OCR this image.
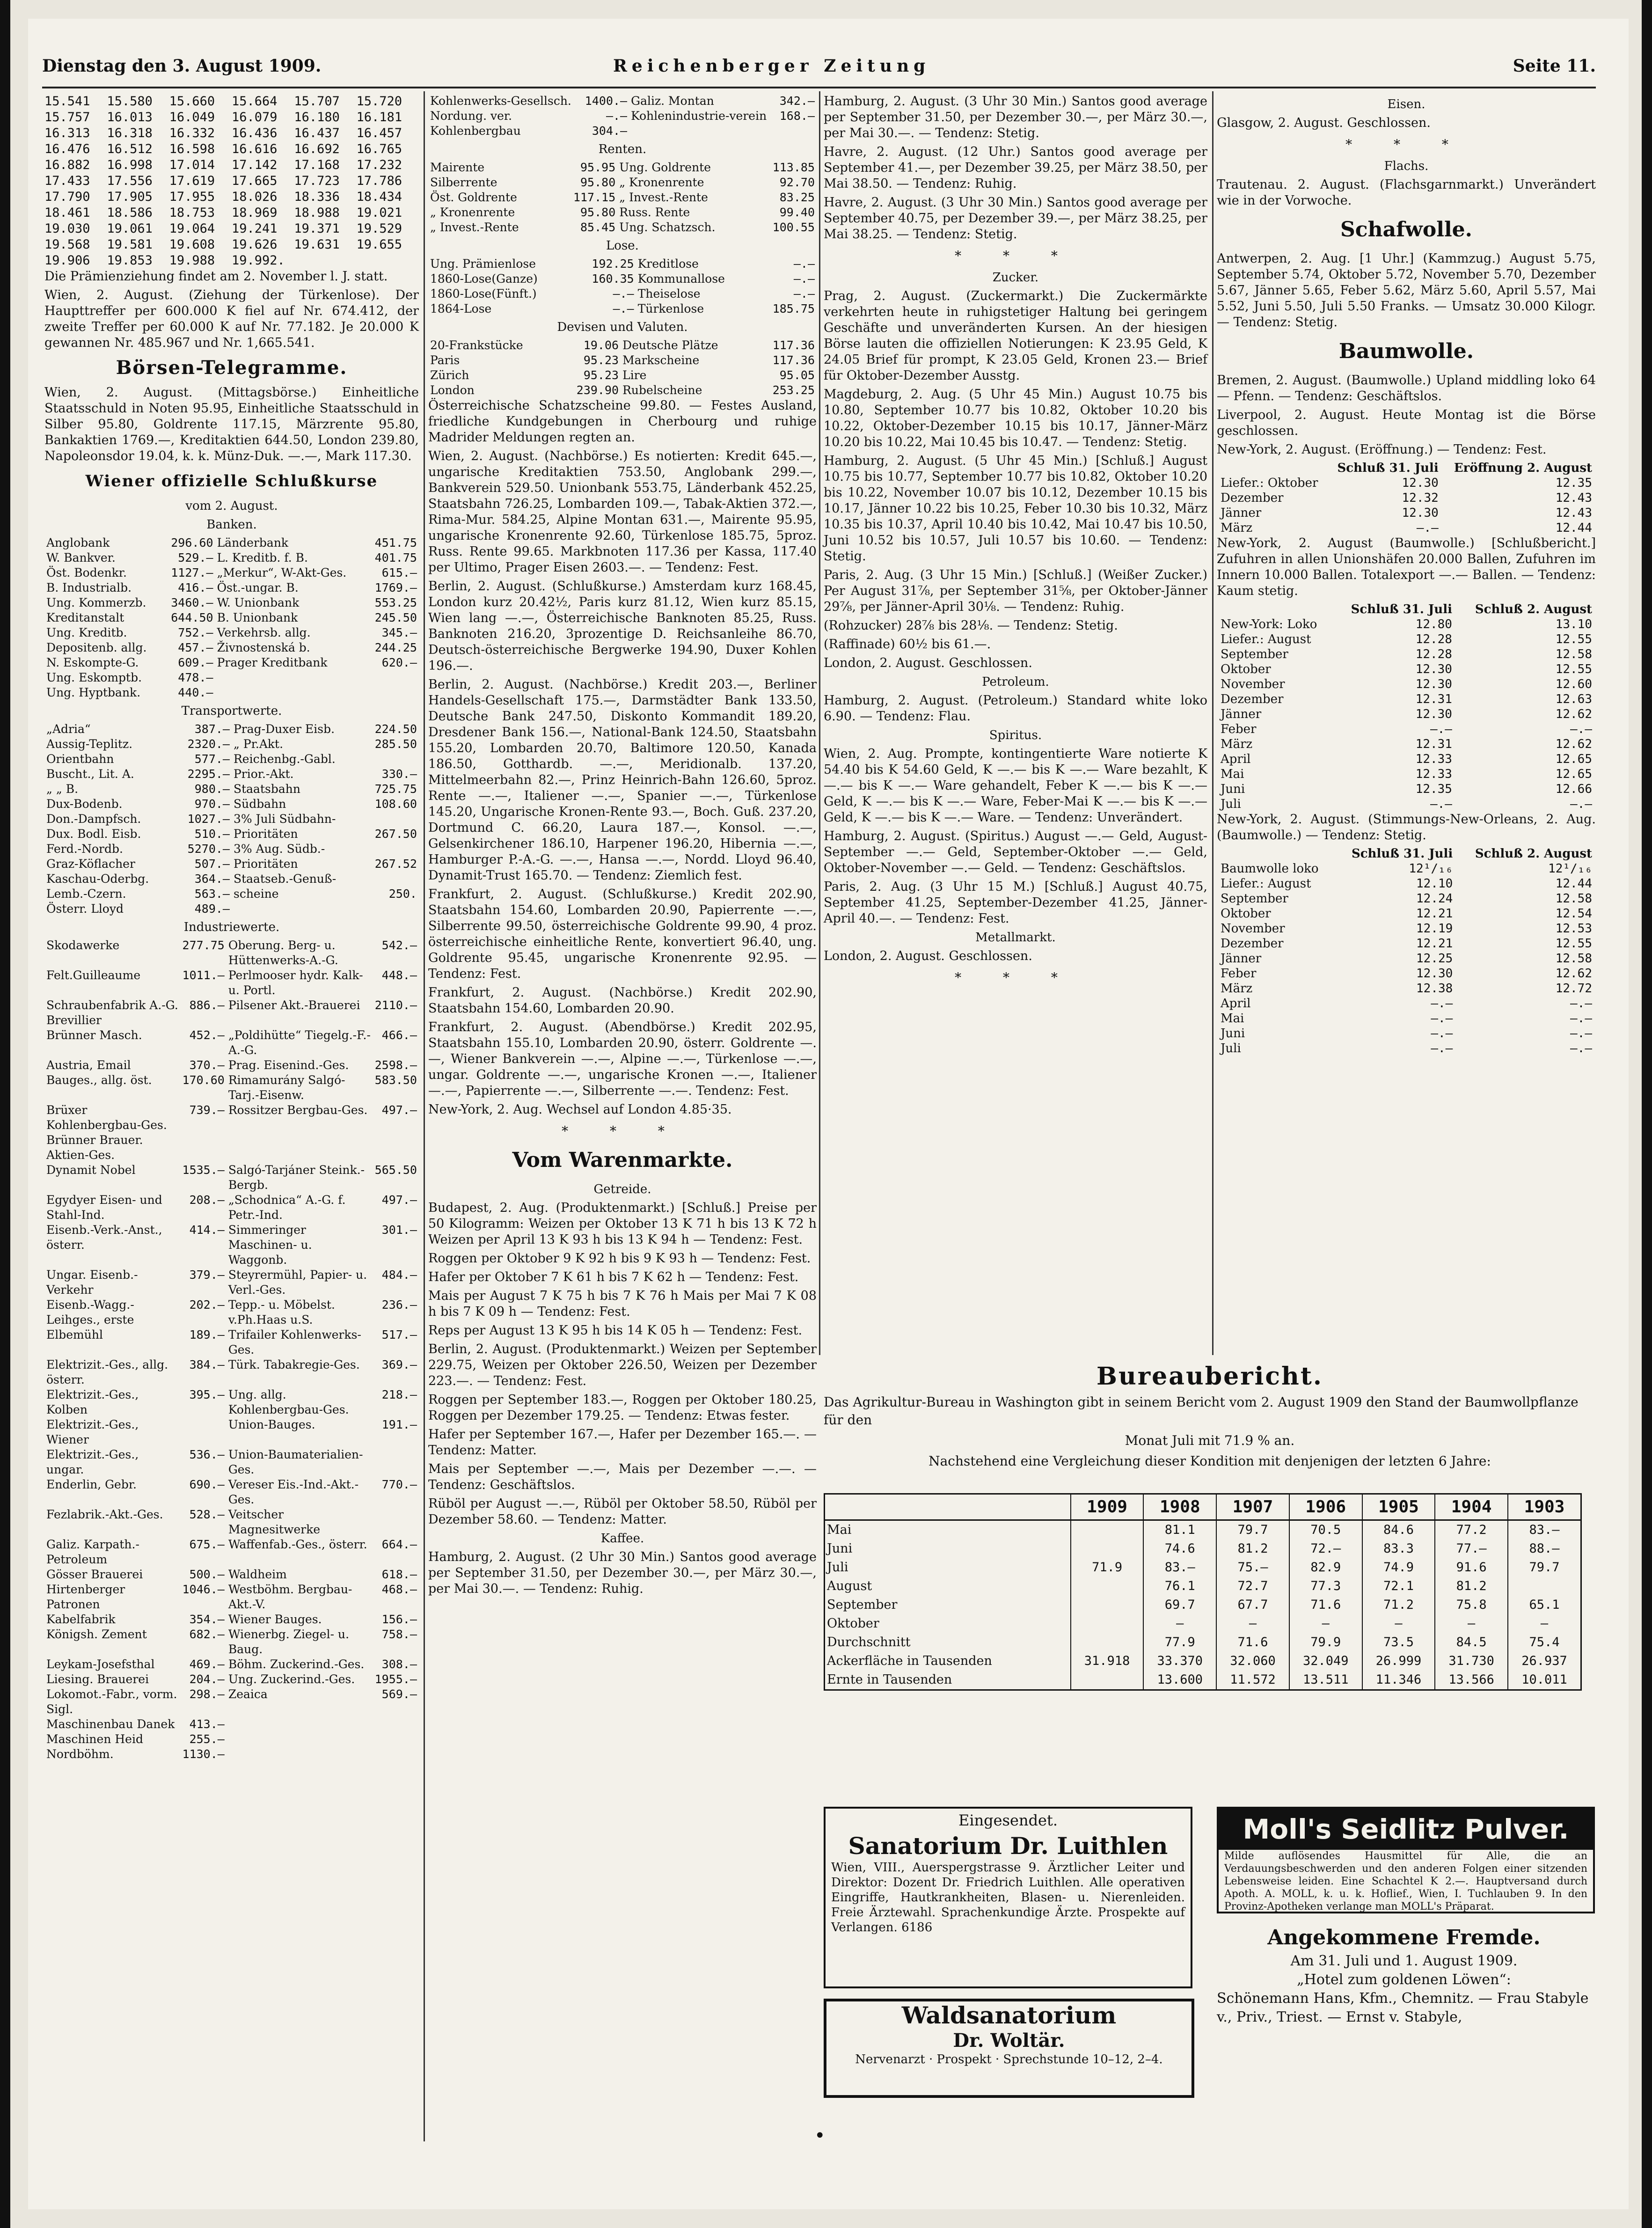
Dienstag den 3. August 1909.	Reichenberger Zeitung	Seite 11.
15.541	15.580	15.660	15.664	15.707	15.720
15.757	16.013	16.049	16.079	16.180	16.181
16.313	16.318	16.332	16.436	16.437	16.457
16.476	16.512	16.598	16.616	16.692	16.765
16.882	16.998	17.014	17.142	17.168	17.232
17.433	17.556	17.619	17.665	17.723	17.786
17.790	17.905	17.955	18.026	18.336	18.434
18.461	18.586	18.753	18.969	18.988	19.021
19.030	19.061	19.064	19.241	19.371	19.529
19.568	19.581	19.608	19.626	19.631	19.655
19.906	19.853	19.988	19.992.

Die Prämienziehung findet am 2. November l. J. statt.

Wien, 2. August. (Ziehung der Türkenlose). Der Haupttreffer per 600.000 K fiel auf Nr. 674.412, der zweite Treffer per 60.000 K auf Nr. 77.182. Je 20.000 K gewannen Nr. 485.967 und Nr. 1,665.541.

Börsen-Telegramme.

Wien, 2. August. (Mittagsbörse.) Einheitliche Staatsschuld in Noten 95.95, Einheitliche Staatsschuld in Silber 95.80, Goldrente 117.15, Märzrente 95.80, Bankaktien 1769.—, Kreditaktien 644.50, London 239.80, Napoleonsdor 19.04, k. k. Münz-Duk. —.—, Mark 117.30.

Wiener offizielle Schlußkurse
vom 2. August.
Banken.
Anglobank	296.60	Länderbank	451.75
W. Bankver.	529.—	L. Kreditb. f. B.	401.75
Öst. Bodenkr.	1127.—	„Merkur“, W-Akt-Ges.	615.—
B. Industrialb.	416.—	Öst.-ungar. B.	1769.—
Ung. Kommerzb.	3460.—	W. Unionbank	553.25
Kreditanstalt	644.50	B. Unionbank	245.50
Ung. Kreditb.	752.—	Verkehrsb. allg.	345.—
Depositenb. allg.	457.—	Živnostenská b.	244.25
N. Eskompte-G.	609.—	Prager Kreditbank	620.—
Ung. Eskomptb.	478.—		
Ung. Hyptbank.	440.—		
Transportwerte.
„Adria“	387.—	Prag-Duxer Eisb.	224.50
Aussig-Teplitz.	2320.—	„ Pr.Akt.	285.50
Orientbahn	577.—	Reichenbg.-Gabl.	
Buscht., Lit. A.	2295.—	Prior.-Akt.	330.—
„ „ B.	980.—	Staatsbahn	725.75
Dux-Bodenb.	970.—	Südbahn	108.60
Don.-Dampfsch.	1027.—	3% Juli Südbahn-	
Dux. Bodl. Eisb.	510.—	Prioritäten	267.50
Ferd.-Nordb.	5270.—	3% Aug. Südb.-	
Graz-Köflacher	507.—	Prioritäten	267.52
Kaschau-Oderbg.	364.—	Staatseb.-Genuß-	
Lemb.-Czern.	563.—	scheine	250.
Österr. Lloyd	489.—		
Industriewerte.
Skodawerke	277.75	Oberung. Berg- u. Hüttenwerks-A.-G.	542.—
Felt.Guilleaume	1011.—	Perlmooser hydr. Kalk- u. Portl.	448.—
Schraubenfabrik A.-G. Brevillier	886.—	Pilsener Akt.-Brauerei	2110.—
Brünner Masch.	452.—	„Poldihütte“ Tiegelg.-F.-A.-G.	466.—
Austria, Email	370.—	Prag. Eisenind.-Ges.	2598.—
Bauges., allg. öst.	170.60	Rimamurány Salgó-Tarj.-Eisenw.	583.50
Brüxer Kohlenbergbau-Ges.	739.—	Rossitzer Bergbau-Ges.	497.—
Brünner Brauer. Aktien-Ges.			
Dynamit Nobel	1535.—	Salgó-Tarjáner Steink.-Bergb.	565.50
Egydyer Eisen- und Stahl-Ind.	208.—	„Schodnica“ A.-G. f. Petr.-Ind.	497.—
Eisenb.-Verk.-Anst., österr.	414.—	Simmeringer Maschinen- u. Waggonb.	301.—
Ungar. Eisenb.-Verkehr	379.—	Steyrermühl, Papier- u. Verl.-Ges.	484.—
Eisenb.-Wagg.-Leihges., erste	202.—	Tepp.- u. Möbelst. v.Ph.Haas u.S.	236.—
Elbemühl	189.—	Trifailer Kohlenwerks-Ges.	517.—
Elektrizit.-Ges., allg. österr.	384.—	Türk. Tabakregie-Ges.	369.—
Elektrizit.-Ges., Kolben	395.—	Ung. allg. Kohlenbergbau-Ges.	218.—
Elektrizit.-Ges., Wiener		Union-Bauges.	191.—
Elektrizit.-Ges., ungar.	536.—	Union-Baumaterialien-Ges.	
Enderlin, Gebr.	690.—	Vereser Eis.-Ind.-Akt.-Ges.	770.—
Fezlabrik.-Akt.-Ges.	528.—	Veitscher Magnesitwerke	
Galiz. Karpath.-Petroleum	675.—	Waffenfab.-Ges., österr.	664.—
Gösser Brauerei	500.—	Waldheim	618.—
Hirtenberger Patronen	1046.—	Westböhm. Bergbau-Akt.-V.	468.—
Kabelfabrik	354.—	Wiener Bauges.	156.—
Königsh. Zement	682.—	Wienerbg. Ziegel- u. Baug.	758.—
Leykam-Josefsthal	469.—	Böhm. Zuckerind.-Ges.	308.—
Liesing. Brauerei	204.—	Ung. Zuckerind.-Ges.	1955.—
Lokomot.-Fabr., vorm. Sigl.	298.—	Zeaica	569.—
Maschinenbau Danek	413.—		
Maschinen Heid	255.—		
Nordböhm.	1130.—		
Kohlenwerks-Gesellsch.	1400.—	Galiz. Montan	342.—
Nordung. ver.	—.—	Kohlenindustrie-verein	168.—
Kohlenbergbau	304.—		
Renten.
Mairente	95.95	Ung. Goldrente	113.85
Silberrente	95.80	„ Kronenrente	92.70
Öst. Goldrente	117.15	„ Invest.-Rente	83.25
„ Kronenrente	95.80	Russ. Rente	99.40
„ Invest.-Rente	85.45	Ung. Schatzsch.	100.55
Lose.
Ung. Prämienlose	192.25	Kreditlose	—.—
1860-Lose(Ganze)	160.35	Kommunallose	—.—
1860-Lose(Fünft.)	—.—	Theiselose	—.—
1864-Lose	—.—	Türkenlose	185.75
Devisen und Valuten.
20-Frankstücke	19.06	Deutsche Plätze	117.36
Paris	95.23	Markscheine	117.36
Zürich	95.23	Lire	95.05
London	239.90	Rubelscheine	253.25

Österreichische Schatzscheine 99.80. — Festes Ausland, friedliche Kundgebungen in Cherbourg und ruhige Madrider Meldungen regten an.

Wien, 2. August. (Nachbörse.) Es notierten: Kredit 645.—, ungarische Kreditaktien 753.50, Anglobank 299.—, Bankverein 529.50. Unionbank 553.75, Länderbank 452.25, Staatsbahn 726.25, Lombarden 109.—, Tabak-Aktien 372.—, Rima-Mur. 584.25, Alpine Montan 631.—, Mairente 95.95, ungarische Kronenrente 92.60, Türkenlose 185.75, 5proz. Russ. Rente 99.65. Markbnoten 117.36 per Kassa, 117.40 per Ultimo, Prager Eisen 2603.—. — Tendenz: Fest.

Berlin, 2. August. (Schlußkurse.) Amsterdam kurz 168.45, London kurz 20.42½, Paris kurz 81.12, Wien kurz 85.15, Wien lang —.—, Österreichische Banknoten 85.25, Russ. Banknoten 216.20, 3prozentige D. Reichsanleihe 86.70, Deutsch-österreichische Bergwerke 194.90, Duxer Kohlen 196.—.

Berlin, 2. August. (Nachbörse.) Kredit 203.—, Berliner Handels-Gesellschaft 175.—, Darmstädter Bank 133.50, Deutsche Bank 247.50, Diskonto Kommandit 189.20, Dresdener Bank 156.—, National-Bank 124.50, Staatsbahn 155.20, Lombarden 20.70, Baltimore 120.50, Kanada 186.50, Gotthardb. —.—, Meridionalb. 137.20, Mittelmeerbahn 82.—, Prinz Heinrich-Bahn 126.60, 5proz. Rente —.—, Italiener —.—, Spanier —.—, Türkenlose 145.20, Ungarische Kronen-Rente 93.—, Boch. Guß. 237.20, Dortmund C. 66.20, Laura 187.—, Konsol. —.—, Gelsenkirchener 186.10, Harpener 196.20, Hibernia —.—, Hamburger P.-A.-G. —.—, Hansa —.—, Nordd. Lloyd 96.40, Dynamit-Trust 165.70. — Tendenz: Ziemlich fest.

Frankfurt, 2. August. (Schlußkurse.) Kredit 202.90, Staatsbahn 154.60, Lombarden 20.90, Papierrente —.—, Silberrente 99.50, österreichische Goldrente 99.90, 4 proz. österreichische einheitliche Rente, konvertiert 96.40, ung. Goldrente 95.45, ungarische Kronenrente 92.95. — Tendenz: Fest.

Frankfurt, 2. August. (Nachbörse.) Kredit 202.90, Staatsbahn 154.60, Lombarden 20.90.

Frankfurt, 2. August. (Abendbörse.) Kredit 202.95, Staatsbahn 155.10, Lombarden 20.90, österr. Goldrente —.—, Wiener Bankverein —.—, Alpine —.—, Türkenlose —.—, ungar. Goldrente —.—, ungarische Kronen —.—, Italiener —.—, Papierrente —.—, Silberrente —.—. Tendenz: Fest.

New-York, 2. Aug. Wechsel auf London 4.85·35.

* * *
Vom Warenmarkte.
Getreide.

Budapest, 2. Aug. (Produktenmarkt.) [Schluß.] Preise per 50 Kilogramm: Weizen per Oktober 13 K 71 h bis 13 K 72 h Weizen per April 13 K 93 h bis 13 K 94 h — Tendenz: Fest.

Roggen per Oktober 9 K 92 h bis 9 K 93 h — Tendenz: Fest.

Hafer per Oktober 7 K 61 h bis 7 K 62 h — Tendenz: Fest.

Mais per August 7 K 75 h bis 7 K 76 h Mais per Mai 7 K 08 h bis 7 K 09 h — Tendenz: Fest.

Reps per August 13 K 95 h bis 14 K 05 h — Tendenz: Fest.

Berlin, 2. August. (Produktenmarkt.) Weizen per September 229.75, Weizen per Oktober 226.50, Weizen per Dezember 223.—. — Tendenz: Fest.

Roggen per September 183.—, Roggen per Oktober 180.25, Roggen per Dezember 179.25. — Tendenz: Etwas fester.

Hafer per September 167.—, Hafer per Dezember 165.—. — Tendenz: Matter.

Mais per September —.—, Mais per Dezember —.—. — Tendenz: Geschäftslos.

Rüböl per August —.—, Rüböl per Oktober 58.50, Rüböl per Dezember 58.60. — Tendenz: Matter.

Kaffee.

Hamburg, 2. August. (2 Uhr 30 Min.) Santos good average per September 31.50, per Dezember 30.—, per März 30.—, per Mai 30.—. — Tendenz: Ruhig.

Hamburg, 2. August. (3 Uhr 30 Min.) Santos good average per September 31.50, per Dezember 30.—, per März 30.—, per Mai 30.—. — Tendenz: Stetig.

Havre, 2. August. (12 Uhr.) Santos good average per September 41.—, per Dezember 39.25, per März 38.50, per Mai 38.50. — Tendenz: Ruhig.

Havre, 2. August. (3 Uhr 30 Min.) Santos good average per September 40.75, per Dezember 39.—, per März 38.25, per Mai 38.25. — Tendenz: Stetig.

* * *
Zucker.

Prag, 2. August. (Zuckermarkt.) Die Zuckermärkte verkehrten heute in ruhigstetiger Haltung bei geringem Geschäfte und unveränderten Kursen. An der hiesigen Börse lauten die offiziellen Notierungen: K 23.95 Geld, K 24.05 Brief für prompt, K 23.05 Geld, Kronen 23.— Brief für Oktober-Dezember Ausstg.

Magdeburg, 2. Aug. (5 Uhr 45 Min.) August 10.75 bis 10.80, September 10.77 bis 10.82, Oktober 10.20 bis 10.22, Oktober-Dezember 10.15 bis 10.17, Jänner-März 10.20 bis 10.22, Mai 10.45 bis 10.47. — Tendenz: Stetig.

Hamburg, 2. August. (5 Uhr 45 Min.) [Schluß.] August 10.75 bis 10.77, September 10.77 bis 10.82, Oktober 10.20 bis 10.22, November 10.07 bis 10.12, Dezember 10.15 bis 10.17, Jänner 10.22 bis 10.25, Feber 10.30 bis 10.32, März 10.35 bis 10.37, April 10.40 bis 10.42, Mai 10.47 bis 10.50, Juni 10.52 bis 10.57, Juli 10.57 bis 10.60. — Tendenz: Stetig.

Paris, 2. Aug. (3 Uhr 15 Min.) [Schluß.] (Weißer Zucker.) Per August 31⅞, per September 31⅝, per Oktober-Jänner 29⅞, per Jänner-April 30⅛. — Tendenz: Ruhig.

(Rohzucker) 28⅞ bis 28⅛. — Tendenz: Stetig.

(Raffinade) 60½ bis 61.—.

London, 2. August. Geschlossen.

Petroleum.

Hamburg, 2. August. (Petroleum.) Standard white loko 6.90. — Tendenz: Flau.

Spiritus.

Wien, 2. Aug. Prompte, kontingentierte Ware notierte K 54.40 bis K 54.60 Geld, K —.— bis K —.— Ware bezahlt, K —.— bis K —.— Ware gehandelt, Feber K —.— bis K —.— Geld, K —.— bis K —.— Ware, Feber-Mai K —.— bis K —.— Geld, K —.— bis K —.— Ware. — Tendenz: Unverändert.

Hamburg, 2. August. (Spiritus.) August —.— Geld, August-September —.— Geld, September-Oktober —.— Geld, Oktober-November —.— Geld. — Tendenz: Geschäftslos.

Paris, 2. Aug. (3 Uhr 15 M.) [Schluß.] August 40.75, September 41.25, September-Dezember 41.25, Jänner-April 40.—. — Tendenz: Fest.

Metallmarkt.

London, 2. August. Geschlossen.

* * *
Eisen.

Glasgow, 2. August. Geschlossen.

* * *
Flachs.

Trautenau. 2. August. (Flachsgarnmarkt.) Unverändert wie in der Vorwoche.

Schafwolle.

Antwerpen, 2. Aug. [1 Uhr.] (Kammzug.) August 5.75, September 5.74, Oktober 5.72, November 5.70, Dezember 5.67, Jänner 5.65, Feber 5.62, März 5.60, April 5.57, Mai 5.52, Juni 5.50, Juli 5.50 Franks. — Umsatz 30.000 Kilogr. — Tendenz: Stetig.

Baumwolle.

Bremen, 2. August. (Baumwolle.) Upland middling loko 64— Pfenn. — Tendenz: Geschäftslos.

Liverpool, 2. August. Heute Montag ist die Börse geschlossen.

New-York, 2. August. (Eröffnung.) — Tendenz: Fest.

	Schluß 31. Juli	Eröffnung 2. August
Liefer.: Oktober	12.30	12.35
Dezember	12.32	12.43
Jänner	12.30	12.43
März	—.—	12.44

New-York, 2. August (Baumwolle.) [Schlußbericht.] Zufuhren in allen Unionshäfen 20.000 Ballen, Zufuhren im Innern 10.000 Ballen. Totalexport —.— Ballen. — Tendenz: Kaum stetig.

	Schluß 31. Juli	Schluß 2. August
New-York: Loko	12.80	13.10
Liefer.: August	12.28	12.55
September	12.28	12.58
Oktober	12.30	12.55
November	12.30	12.60
Dezember	12.31	12.63
Jänner	12.30	12.62
Feber	—.—	—.—
März	12.31	12.62
April	12.33	12.65
Mai	12.33	12.65
Juni	12.35	12.66
Juli	—.—	—.—

New-York, 2. August. (Stimmungs-New-Orleans, 2. Aug. (Baumwolle.) — Tendenz: Stetig.

	Schluß 31. Juli	Schluß 2. August
Baumwolle loko	12¹/₁₆	12¹/₁₆
Liefer.: August	12.10	12.44
September	12.24	12.58
Oktober	12.21	12.54
November	12.19	12.53
Dezember	12.21	12.55
Jänner	12.25	12.58
Feber	12.30	12.62
März	12.38	12.72
April	—.—	—.—
Mai	—.—	—.—
Juni	—.—	—.—
Juli	—.—	—.—
Bureaubericht.
Das Agrikultur-Bureau in Washington gibt in seinem Bericht vom 2. August 1909 den Stand der Baumwollpflanze für den
Monat Juli mit 71.9 % an.
Nachstehend eine Vergleichung dieser Kondition mit denjenigen der letzten 6 Jahre:
	1909	1908	1907	1906	1905	1904	1903
Mai		81.1	79.7	70.5	84.6	77.2	83.—
Juni		74.6	81.2	72.—	83.3	77.—	88.—
Juli	71.9	83.—	75.—	82.9	74.9	91.6	79.7
August		76.1	72.7	77.3	72.1	81.2	
September		69.7	67.7	71.6	71.2	75.8	65.1
Oktober		—	—	—	—	—	—
Durchschnitt		77.9	71.6	79.9	73.5	84.5	75.4
Ackerfläche in Tausenden	31.918	33.370	32.060	32.049	26.999	31.730	26.937
Ernte in Tausenden		13.600	11.572	13.511	11.346	13.566	10.011
Eingesendet.
Sanatorium Dr. Luithlen
Wien, VIII., Auerspergstrasse 9. Ärztlicher Leiter und Direktor: Dozent Dr. Friedrich Luithlen. Alle operativen Eingriffe, Hautkrankheiten, Blasen- u. Nierenleiden. Freie Ärztewahl. Sprachenkundige Ärzte. Prospekte auf Verlangen. 6186
Moll's Seidlitz Pulver.
Milde auflösendes Hausmittel für Alle, die an Verdauungsbeschwerden und den anderen Folgen einer sitzenden Lebensweise leiden. Eine Schachtel K 2.—. Hauptversand durch Apoth. A. MOLL, k. u. k. Hoflief., Wien, I. Tuchlauben 9. In den Provinz-Apotheken verlange man MOLL's Präparat.
Waldsanatorium
Dr. Woltär.
Nervenarzt · Prospekt · Sprechstunde 10–12, 2–4.
Angekommene Fremde.
Am 31. Juli und 1. August 1909.
„Hotel zum goldenen Löwen“:
Schönemann Hans, Kfm., Chemnitz. — Frau Stabyle v., Priv., Triest. — Ernst v. Stabyle,
•
